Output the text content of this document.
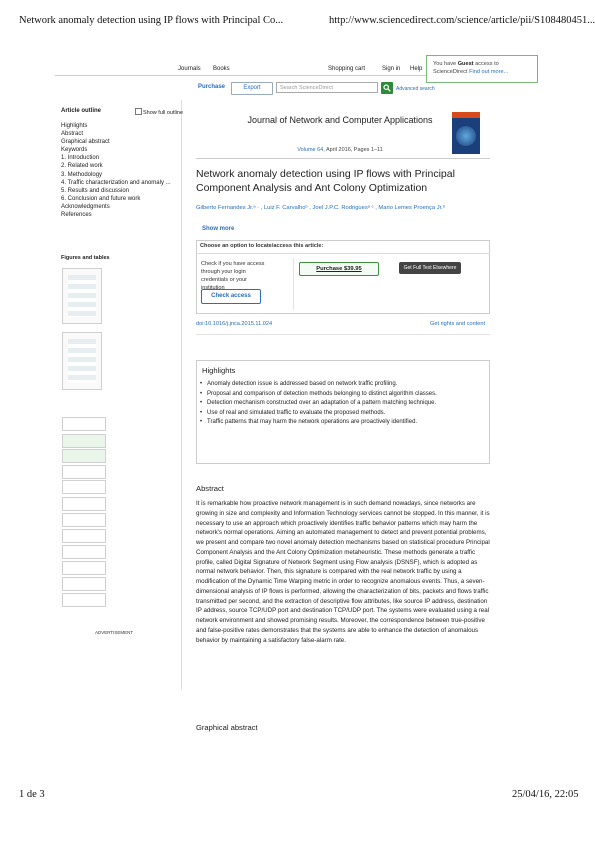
Network anomaly detection using IP flows with Principal Co...	http://www.sciencedirect.com/science/article/pii/S108480451...
Journals Books	Shopping cart	Sign in Help
You have Guest access to
ScienceDirect Find out more...
Purchase	Export	Search ScienceDirect	Advanced search
Article outline	Show full outline
Highlights
Abstract
Graphical abstract
Keywords
1. Introduction
2. Related work
3. Methodology
4. Traffic characterization and anomaly ...
5. Results and discussion
6. Conclusion and future work
Acknowledgments
References
Figures and tables
ADVERTISEMENT
Journal of Network and Computer Applications
Volume 64, April 2016, Pages 1–11
Network anomaly detection using IP flows with Principal Component Analysis and Ant Colony Optimization
Gilberto Fernandes Jr.ᵃ · , Luiz F. Carvalhoᵇ , Joel J.P.C. Rodriguesᵃ ᶜ , Mario Lemes Proença Jr.ᵇ
Show more
Choose an option to locate/access this article:
Check if you have access through your login credentials or your institution
Check access
Purchase $39.95	Get Full Text Elsewhere
doi:10.1016/j.jnca.2015.11.024	Get rights and content
Highlights
• Anomaly detection issue is addressed based on network traffic profiling.
• Proposal and comparison of detection methods belonging to distinct algorithm classes.
• Detection mechanism constructed over an adaptation of a pattern matching technique.
• Use of real and simulated traffic to evaluate the proposed methods.
• Traffic patterns that may harm the network operations are proactively identified.
Abstract
It is remarkable how proactive network management is in such demand nowadays, since networks are growing in size and complexity and Information Technology services cannot be stopped. In this manner, it is necessary to use an approach which proactively identifies traffic behavior patterns which may harm the network's normal operations. Aiming an automated management to detect and prevent potential problems, we present and compare two novel anomaly detection mechanisms based on statistical procedure Principal Component Analysis and the Ant Colony Optimization metaheuristic. These methods generate a traffic profile, called Digital Signature of Network Segment using Flow analysis (DSNSF), which is adopted as normal network behavior. Then, this signature is compared with the real network traffic by using a modification of the Dynamic Time Warping metric in order to recognize anomalous events. Thus, a seven-dimensional analysis of IP flows is performed, allowing the characterization of bits, packets and flows traffic transmitted per second, and the extraction of descriptive flow attributes, like source IP address, destination IP address, source TCP/UDP port and destination TCP/UDP port. The systems were evaluated using a real network environment and showed promising results. Moreover, the correspondence between true-positive and false-positive rates demonstrates that the systems are able to enhance the detection of anomalous behavior by maintaining a satisfactory false-alarm rate.
Graphical abstract
1 de 3	25/04/16, 22:05
